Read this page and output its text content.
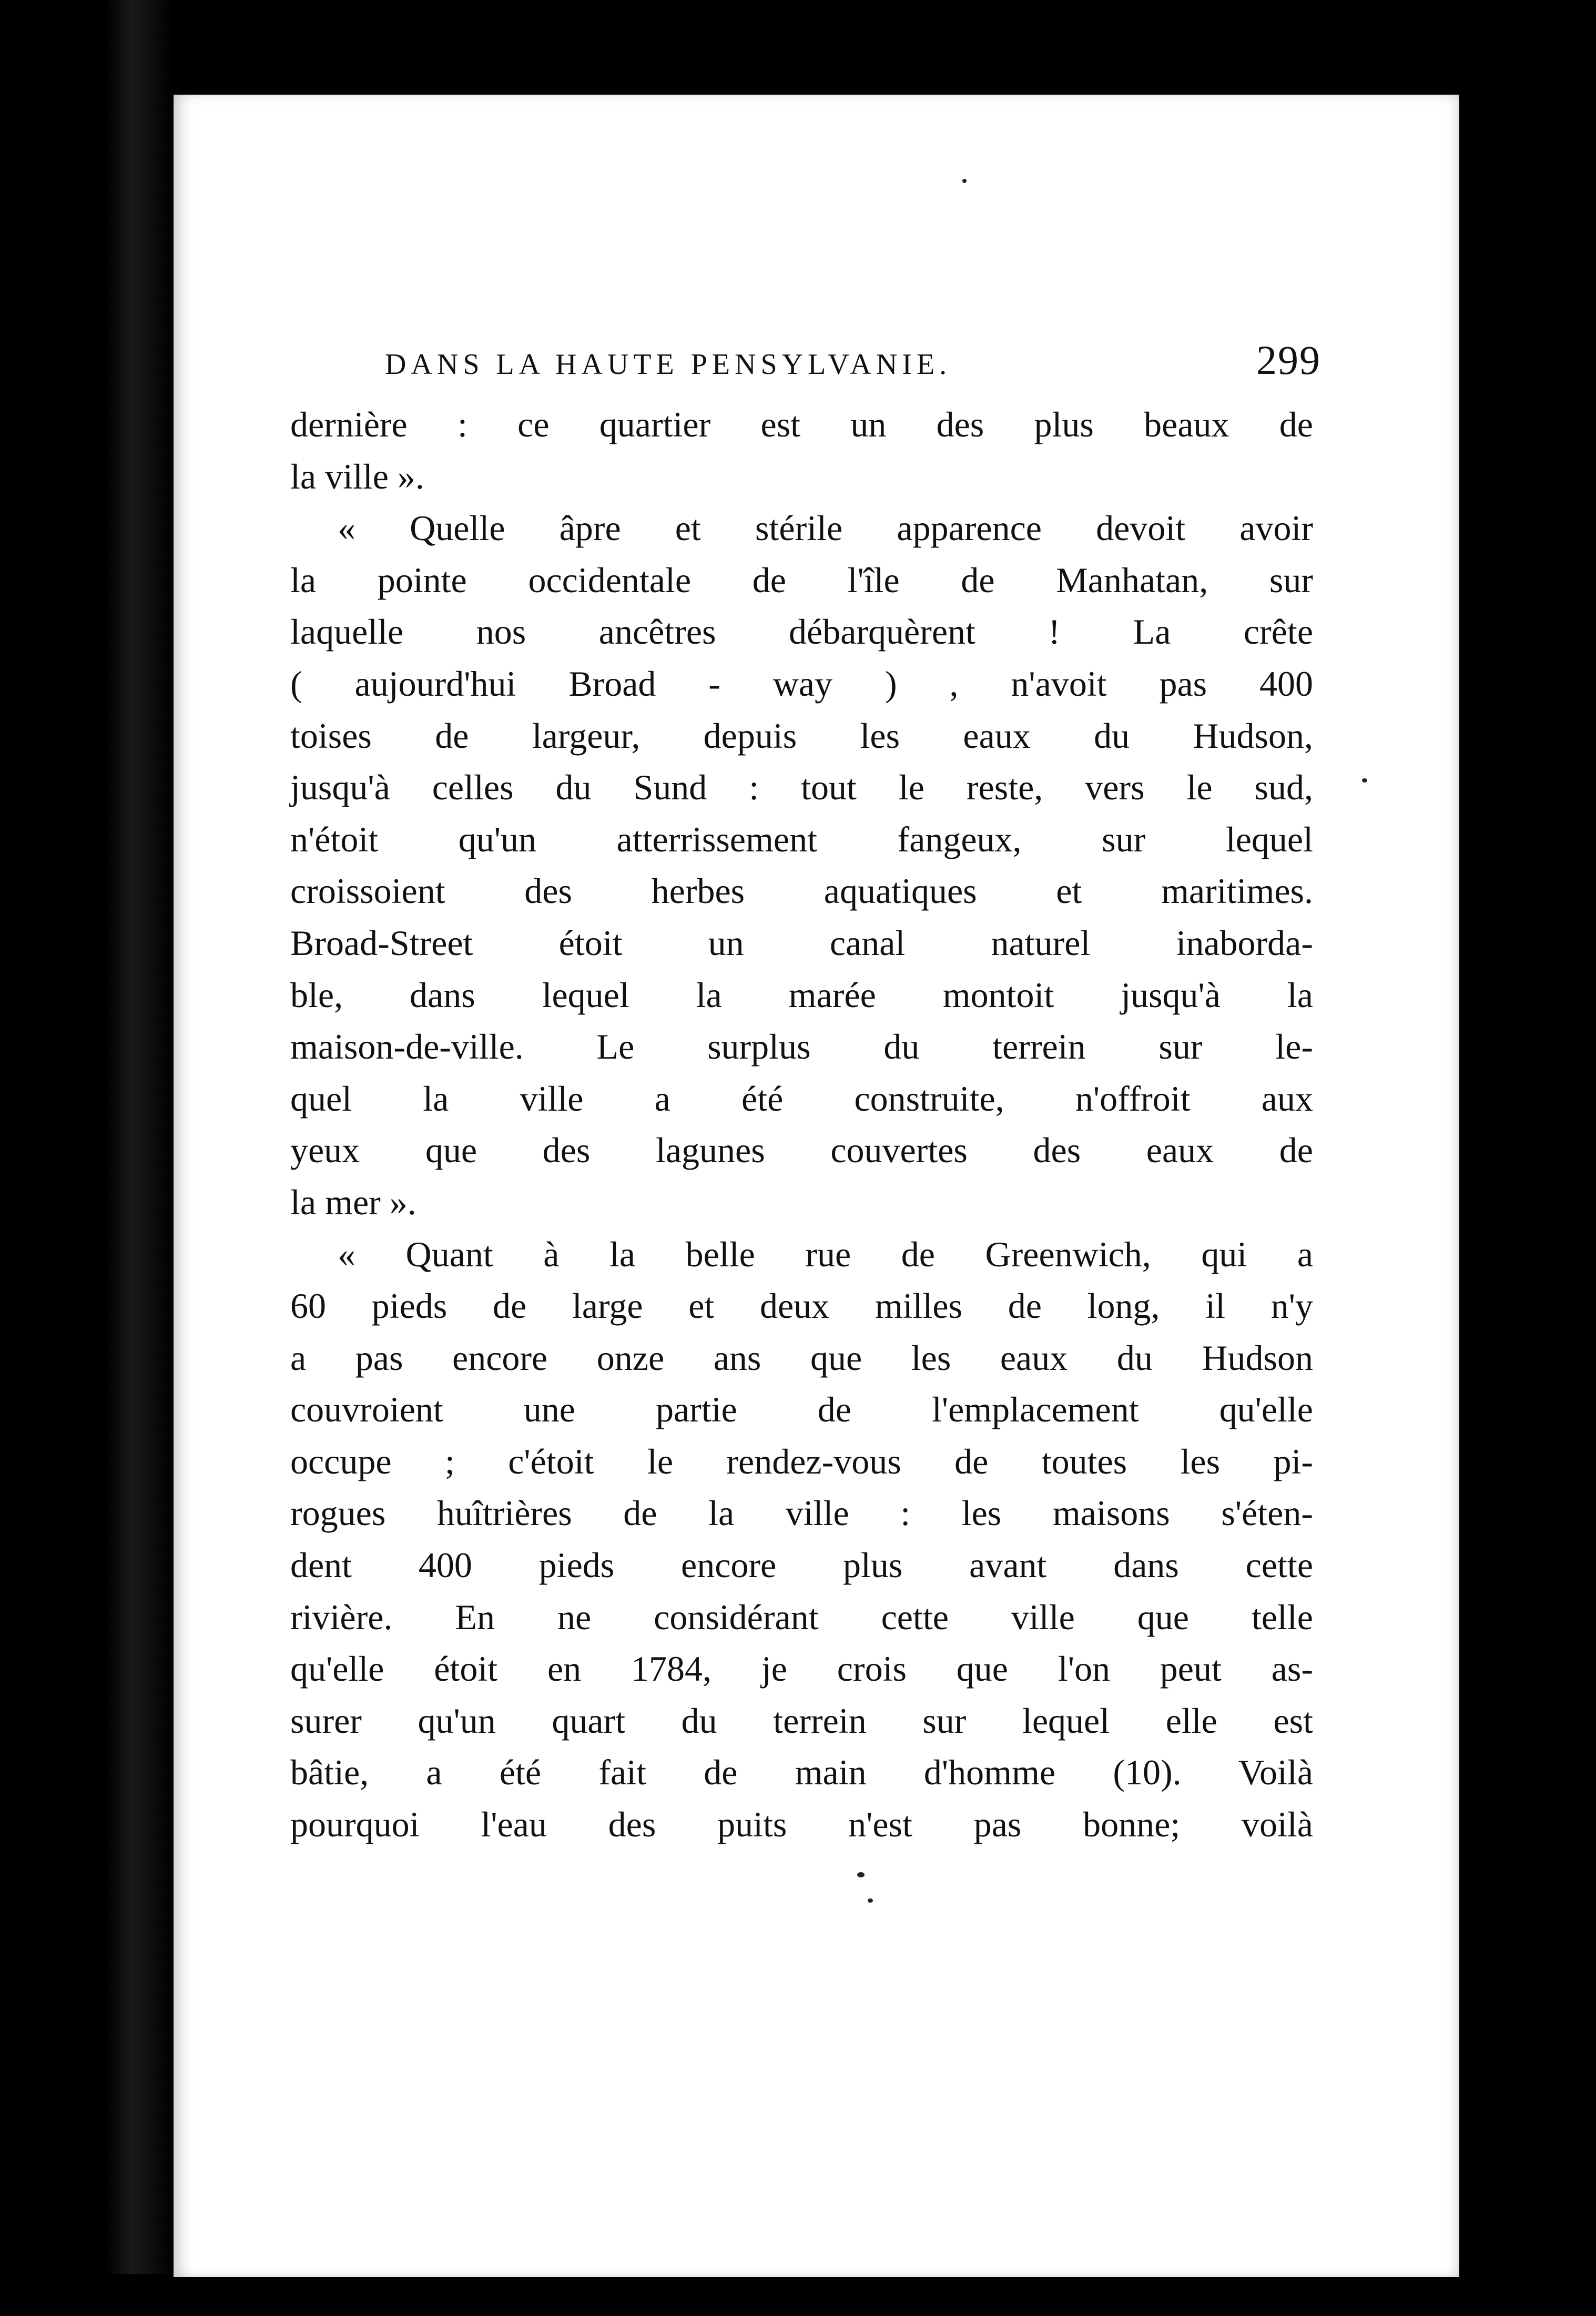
DANS LA HAUTE PENSYLVANIE.	299
dernière : ce quartier est un des plus beaux de
la ville ».
« Quelle âpre et stérile apparence devoit avoir
la pointe occidentale de l'île de Manhatan, sur
laquelle nos ancêtres débarquèrent ! La crête
( aujourd'hui Broad - way ) , n'avoit pas 400
toises de largeur, depuis les eaux du Hudson,
jusqu'à celles du Sund : tout le reste, vers le sud,
n'étoit qu'un atterrissement fangeux, sur lequel
croissoient des herbes aquatiques et maritimes.
Broad-Street étoit un canal naturel inaborda-
ble, dans lequel la marée montoit jusqu'à la
maison-de-ville. Le surplus du terrein sur le-
quel la ville a été construite, n'offroit aux
yeux que des lagunes couvertes des eaux de
la mer ».
« Quant à la belle rue de Greenwich, qui a
60 pieds de large et deux milles de long, il n'y
a pas encore onze ans que les eaux du Hudson
couvroient une partie de l'emplacement qu'elle
occupe ; c'étoit le rendez-vous de toutes les pi-
rogues huîtrières de la ville : les maisons s'éten-
dent 400 pieds encore plus avant dans cette
rivière. En ne considérant cette ville que telle
qu'elle étoit en 1784, je crois que l'on peut as-
surer qu'un quart du terrein sur lequel elle est
bâtie, a été fait de main d'homme (10). Voilà
pourquoi l'eau des puits n'est pas bonne; voilà
